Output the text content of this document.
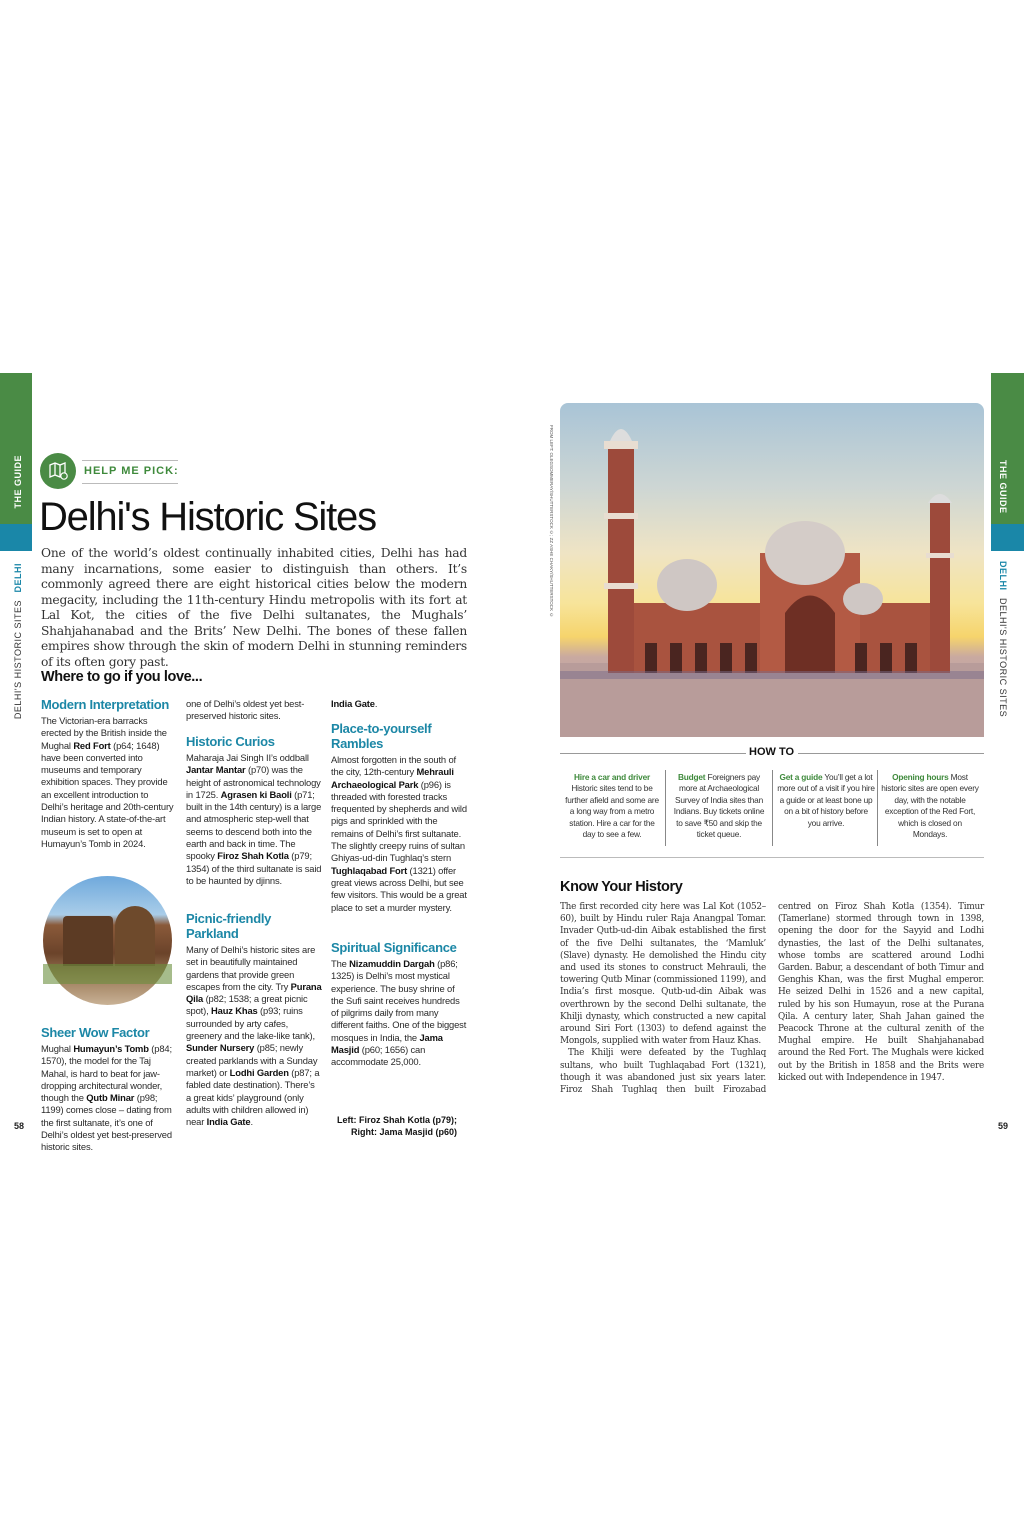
THE GUIDE
DELHI
DELHI'S HISTORIC SITES
THE GUIDE
DELHI
DELHI'S HISTORIC SITES
HELP ME PICK:
Delhi's Historic Sites

One of the world’s oldest continually inhabited cities, Delhi has had many incarnations, some easier to distinguish than others. It’s commonly agreed there are eight historical cities below the modern megacity, including the 11th-century Hindu metropolis with its fort at Lal Kot, the cities of the five Delhi sultanates, the Mughals’ Shahjahanabad and the Brits’ New Delhi. The bones of these fallen empires show through the skin of modern Delhi in stunning reminders of its often gory past.

Where to go if you love...
Modern Interpretation

The Victorian-era barracks erected by the British inside the Mughal Red Fort (p64; 1648) have been converted into museums and temporary exhibition spaces. They provide an excellent introduction to Delhi’s heritage and 20th-century Indian history. A state-of-the-art museum is set to open at Humayun’s Tomb in 2024.

Sheer Wow Factor

Mughal Humayun’s Tomb (p84; 1570), the model for the Taj Mahal, is hard to beat for jaw-dropping architectural wonder, though the Qutb Minar (p98; 1199) comes close – dating from the first sultanate, it’s one of Delhi’s oldest yet best-preserved historic sites.

one of Delhi’s oldest yet best-preserved historic sites.

Historic Curios

Maharaja Jai Singh II’s oddball Jantar Mantar (p70) was the height of astronomical technology in 1725. Agrasen ki Baoli (p71; built in the 14th century) is a large and atmospheric step-well that seems to descend both into the earth and back in time. The spooky Firoz Shah Kotla (p79; 1354) of the third sultanate is said to be haunted by djinns.

Picnic-friendly Parkland

Many of Delhi’s historic sites are set in beautifully maintained gardens that provide green escapes from the city. Try Purana Qila (p82; 1538; a great picnic spot), Hauz Khas (p93; ruins surrounded by arty cafes, greenery and the lake-like tank), Sunder Nursery (p85; newly created parklands with a Sunday market) or Lodhi Garden (p87; a fabled date destination). There’s a great kids’ playground (only adults with children allowed in) near India Gate.

India Gate.

Place-to-yourself Rambles

Almost forgotten in the south of the city, 12th-century Mehrauli Archaeological Park (p96) is threaded with forested tracks frequented by shepherds and wild pigs and sprinkled with the remains of Delhi’s first sultanate. The slightly creepy ruins of sultan Ghiyas-ud-din Tughlaq’s stern Tughlaqabad Fort (1321) offer great views across Delhi, but see few visitors. This would be a great place to set a murder mystery.

Spiritual Significance

The Nizamuddin Dargah (p86; 1325) is Delhi’s most mystical experience. The busy shrine of the Sufi saint receives hundreds of pilgrims daily from many different faiths. One of the biggest mosques in India, the Jama Masjid (p60; 1656) can accommodate 25,000.

Left: Firoz Shah Kotla (p79);
Right: Jama Masjid (p60)
58	59
FROM LEFT: OLEGSOMMERAY/SHUTTERSTOCK ©; ZZ ASHE CHAKY/SHUTTERSTOCK ©
HOW TO
Hire a car and driver Historic sites tend to be further afield and some are a long way from a metro station. Hire a car for the day to see a few.
Budget Foreigners pay more at Archaeological Survey of India sites than Indians. Buy tickets online to save ₹50 and skip the ticket queue.
Get a guide You’ll get a lot more out of a visit if you hire a guide or at least bone up on a bit of history before you arrive.
Opening hours Most historic sites are open every day, with the notable exception of the Red Fort, which is closed on Mondays.
Know Your History

The first recorded city here was Lal Kot (1052–60), built by Hindu ruler Raja Anangpal Tomar. Invader Qutb-ud-din Aibak established the first of the five Delhi sultanates, the ‘Mamluk’ (Slave) dynasty. He demolished the Hindu city and used its stones to construct Mehrauli, the towering Qutb Minar (commissioned 1199), and India’s first mosque. Qutb-ud-din Aibak was overthrown by the second Delhi sultanate, the Khilji dynasty, which constructed a new capital around Siri Fort (1303) to defend against the Mongols, supplied with water from Hauz Khas.

The Khilji were defeated by the Tughlaq sultans, who built Tughlaqabad Fort (1321), though it was abandoned just six years later. Firoz Shah Tughlaq then built Firozabad centred on Firoz Shah Kotla (1354). Timur (Tamerlane) stormed through town in 1398, opening the door for the Sayyid and Lodhi dynasties, the last of the Delhi sultanates, whose tombs are scattered around Lodhi Garden. Babur, a descendant of both Timur and Genghis Khan, was the first Mughal emperor. He seized Delhi in 1526 and a new capital, ruled by his son Humayun, rose at the Purana Qila. A century later, Shah Jahan gained the Peacock Throne at the cultural zenith of the Mughal empire. He built Shahjahanabad around the Red Fort. The Mughals were kicked out by the British in 1858 and the Brits were kicked out with Independence in 1947.
